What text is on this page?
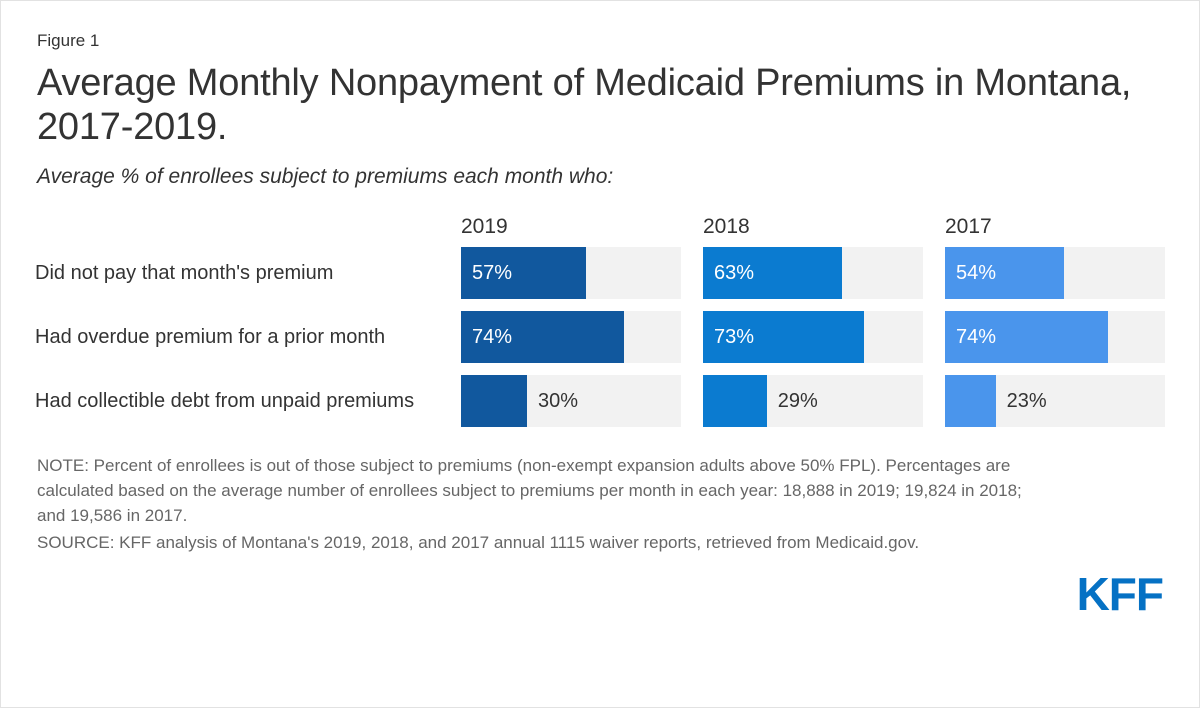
Figure 1
Average Monthly Nonpayment of Medicaid Premiums in Montana, 2017-2019.
Average % of enrollees subject to premiums each month who:
2019	2018	2017
Did not pay that month's premium	57%	63%	54%
Had overdue premium for a prior month	74%	73%	74%
Had collectible debt from unpaid premiums	30%	29%	23%

NOTE: Percent of enrollees is out of those subject to premiums (non-exempt expansion adults above 50% FPL). Percentages are calculated based on the average number of enrollees subject to premiums per month in each year: 18,888 in 2019; 19,824 in 2018; and 19,586 in 2017.

SOURCE: KFF analysis of Montana's 2019, 2018, and 2017 annual 1115 waiver reports, retrieved from Medicaid.gov.

KFF
